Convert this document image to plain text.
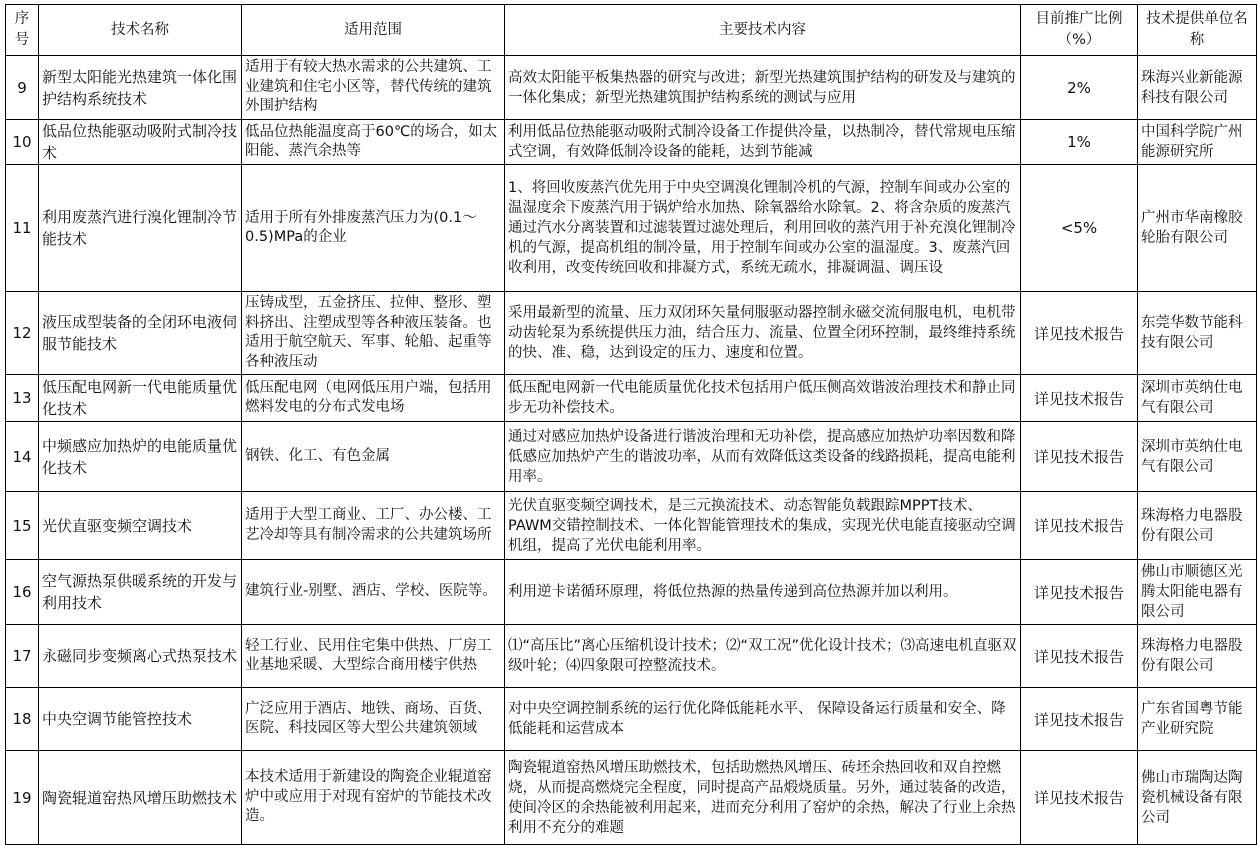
序号	技术名称	适用范围	主要技术内容	目前推广比例（%）	技术提供单位名称
9	新型太阳能光热建筑一体化围护结构系统技术	适用于有较大热水需求的公共建筑、工业建筑和住宅小区等，替代传统的建筑外围护结构	高效太阳能平板集热器的研究与改进；新型光热建筑围护结构的研发及与建筑的一体化集成；新型光热建筑围护结构系统的测试与应用	2%	珠海兴业新能源科技有限公司
10	低品位热能驱动吸附式制冷技术	低品位热能温度高于60℃的场合，如太阳能、蒸汽余热等	利用低品位热能驱动吸附式制冷设备工作提供冷量，以热制冷，替代常规电压缩式空调，有效降低制冷设备的能耗，达到节能减	1%	中国科学院广州能源研究所
11	利用废蒸汽进行溴化锂制冷节能技术	适用于所有外排废蒸汽压力为(0.1～0.5)MPa的企业	1、将回收废蒸汽优先用于中央空调溴化锂制冷机的气源，控制车间或办公室的温湿度余下废蒸汽用于锅炉给水加热、除氧器给水除氧。2、将含杂质的废蒸汽通过汽水分离装置和过滤装置过滤处理后，利用回收的蒸汽用于补充溴化锂制冷机的气源，提高机组的制冷量，用于控制车间或办公室的温湿度。3、废蒸汽回收利用，改变传统回收和排凝方式，系统无疏水，排凝调温、调压设	<5%	广州市华南橡胶轮胎有限公司
12	液压成型装备的全闭环电液伺服节能技术	压铸成型，五金挤压、拉伸、整形、塑料挤出、注塑成型等各种液压装备。也适用于航空航天、军事、轮船、起重等各种液压动	采用最新型的流量、压力双闭环矢量伺服驱动器控制永磁交流伺服电机，电机带动齿轮泵为系统提供压力油，结合压力、流量、位置全闭环控制，最终维持系统的快、准、稳，达到设定的压力、速度和位置。	详见技术报告	东莞华数节能科技有限公司
13	低压配电网新一代电能质量优化技术	低压配电网（电网低压用户端，包括用燃料发电的分布式发电场	低压配电网新一代电能质量优化技术包括用户低压侧高效谐波治理技术和静止同步无功补偿技术。	详见技术报告	深圳市英纳仕电气有限公司
14	中频感应加热炉的电能质量优化技术	钢铁、化工、有色金属	通过对感应加热炉设备进行谐波治理和无功补偿，提高感应加热炉功率因数和降低感应加热炉产生的谐波功率，从而有效降低这类设备的线路损耗，提高电能利用率。	详见技术报告	深圳市英纳仕电气有限公司
15	光伏直驱变频空调技术	适用于大型工商业、工厂、办公楼、工艺冷却等具有制冷需求的公共建筑场所	光伏直驱变频空调技术，是三元换流技术、动态智能负载跟踪MPPT技术、PAWM交错控制技术、一体化智能管理技术的集成，实现光伏电能直接驱动空调机组，提高了光伏电能利用率。	详见技术报告	珠海格力电器股份有限公司
16	空气源热泵供暖系统的开发与利用技术	建筑行业-别墅、酒店、学校、医院等。	利用逆卡诺循环原理，将低位热源的热量传递到高位热源并加以利用。	详见技术报告	佛山市顺德区光腾太阳能电器有限公司
17	永磁同步变频离心式热泵技术	轻工行业、民用住宅集中供热、厂房工业基地采暖、大型综合商用楼宇供热	⑴“高压比”离心压缩机设计技术；⑵“双工况”优化设计技术；⑶高速电机直驱双级叶轮；⑷四象限可控整流技术。	详见技术报告	珠海格力电器股份有限公司
18	中央空调节能管控技术	广泛应用于酒店、地铁、商场、百货、医院、科技园区等大型公共建筑领域	对中央空调控制系统的运行优化降低能耗水平、 保障设备运行质量和安全、降低能耗和运营成本	详见技术报告	广东省国粤节能产业研究院
19	陶瓷辊道窑热风增压助燃技术	本技术适用于新建设的陶瓷企业辊道窑炉中或应用于对现有窑炉的节能技术改造。	陶瓷辊道窑热风增压助燃技术，包括助燃热风增压、砖坯余热回收和双自控燃烧，从而提高燃烧完全程度，同时提高产品煅烧质量。另外，通过装备的改造，使间冷区的余热能被利用起来，进而充分利用了窑炉的余热，解决了行业上余热利用不充分的难题	详见技术报告	佛山市瑞陶达陶瓷机械设备有限公司
